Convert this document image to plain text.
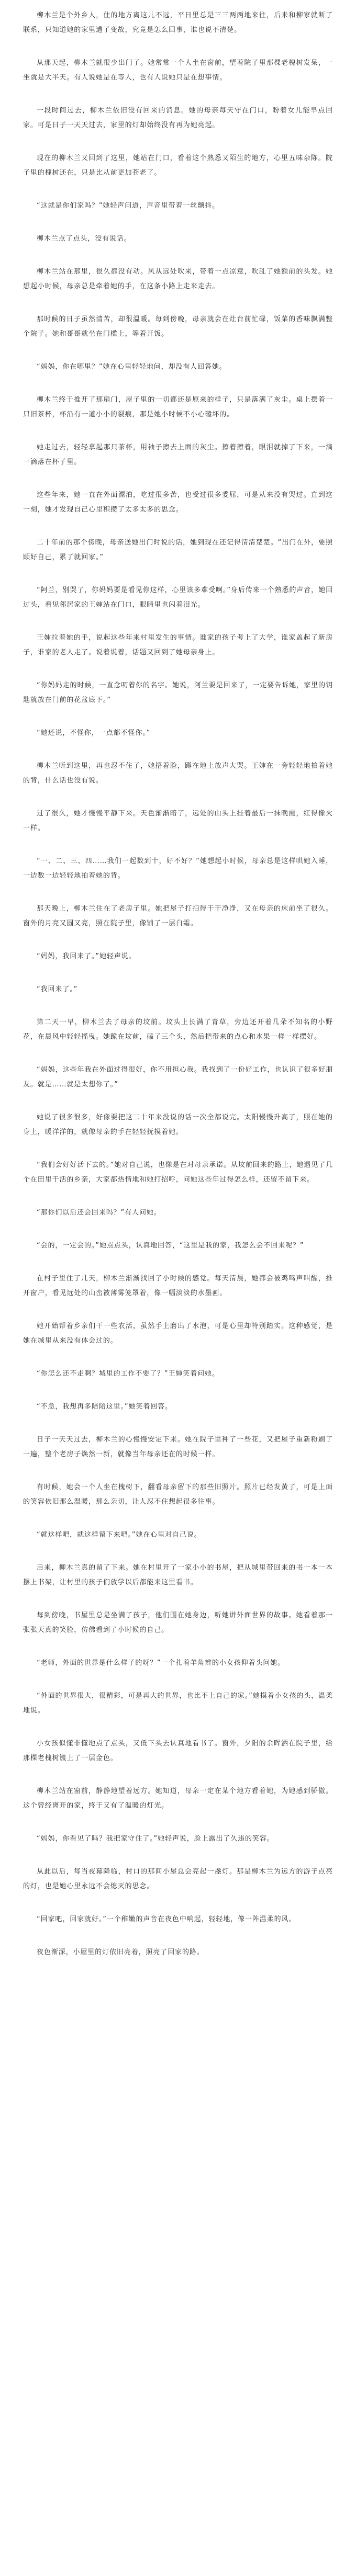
柳木兰是个外乡人，住的地方离这儿不远，平日里总是三三两两地来往，后来和柳家就断了联系，只知道她的家里遭了变故，究竟是怎么回事，谁也说不清楚。

从那天起，柳木兰就很少出门了。她常常一个人坐在窗前，望着院子里那棵老槐树发呆，一坐就是大半天。有人说她是在等人，也有人说她只是在想事情。

一段时间过去，柳木兰依旧没有回来的消息。她的母亲每天守在门口，盼着女儿能早点回家。可是日子一天天过去，家里的灯却始终没有再为她亮起。

现在的柳木兰又回到了这里，她站在门口，看着这个熟悉又陌生的地方，心里五味杂陈。院子里的槐树还在，只是比从前更加苍老了。

“这就是你们家吗？”她轻声问道，声音里带着一丝颤抖。

柳木兰点了点头，没有说话。

柳木兰站在那里，很久都没有动。风从远处吹来，带着一点凉意，吹乱了她额前的头发。她想起小时候，母亲总是牵着她的手，在这条小路上走来走去。

那时候的日子虽然清苦，却很温暖。每到傍晚，母亲就会在灶台前忙碌，饭菜的香味飘满整个院子。她和哥哥就坐在门槛上，等着开饭。

“妈妈，你在哪里？”她在心里轻轻地问，却没有人回答她。

柳木兰终于推开了那扇门，屋子里的一切都还是原来的样子，只是落满了灰尘。桌上摆着一只旧茶杯，杯沿有一道小小的裂痕，那是她小时候不小心磕坏的。

她走过去，轻轻拿起那只茶杯，用袖子擦去上面的灰尘。擦着擦着，眼泪就掉了下来，一滴一滴落在杯子里。

这些年来，她一直在外面漂泊，吃过很多苦，也受过很多委屈，可是从来没有哭过。直到这一刻，她才发现自己心里积攒了太多太多的思念。

二十年前的那个傍晚，母亲送她出门时说的话，她到现在还记得清清楚楚。“出门在外，要照顾好自己，累了就回家。”

“阿兰，别哭了，你妈妈要是看见你这样，心里该多难受啊。”身后传来一个熟悉的声音，她回过头，看见邻居家的王婶站在门口，眼睛里也闪着泪光。

王婶拉着她的手，说起这些年来村里发生的事情。谁家的孩子考上了大学，谁家盖起了新房子，谁家的老人走了。说着说着，话题又回到了她母亲身上。

“你妈妈走的时候，一直念叨着你的名字。她说，阿兰要是回来了，一定要告诉她，家里的钥匙就放在门前的花盆底下。”

“她还说，不怪你，一点都不怪你。”

柳木兰听到这里，再也忍不住了，她捂着脸，蹲在地上放声大哭。王婶在一旁轻轻地拍着她的背，什么话也没有说。

过了很久，她才慢慢平静下来。天色渐渐暗了，远处的山头上挂着最后一抹晚霞，红得像火一样。

“一、二、三、四……我们一起数到十，好不好？”她想起小时候，母亲总是这样哄她入睡，一边数一边轻轻地拍着她的背。

那天晚上，柳木兰住在了老房子里。她把屋子打扫得干干净净，又在母亲的床前坐了很久。窗外的月亮又圆又亮，照在院子里，像铺了一层白霜。

“妈妈，我回来了。”她轻声说。

“我回来了。”

第二天一早，柳木兰去了母亲的坟前。坟头上长满了青草，旁边还开着几朵不知名的小野花，在晨风中轻轻摇曳。她跪在坟前，磕了三个头，然后把带来的点心和水果一样一样摆好。

“妈妈，这些年我在外面过得很好，你不用担心我。我找到了一份好工作，也认识了很多好朋友。就是……就是太想你了。”

她说了很多很多，好像要把这二十年来没说的话一次全都说完。太阳慢慢升高了，照在她的身上，暖洋洋的，就像母亲的手在轻轻抚摸着她。

“我们会好好活下去的。”她对自己说，也像是在对母亲承诺。从坟前回来的路上，她遇见了几个在田里干活的乡亲，大家都热情地和她打招呼，问她这些年过得怎么样，还留不留下来。

“那你们以后还会回来吗？”有人问她。

“会的，一定会的。”她点点头，认真地回答，“这里是我的家，我怎么会不回来呢？”

在村子里住了几天，柳木兰渐渐找回了小时候的感觉。每天清晨，她都会被鸡鸣声叫醒，推开窗户，看见远处的山峦被薄雾笼罩着，像一幅淡淡的水墨画。

她开始帮着乡亲们干一些农活，虽然手上磨出了水泡，可是心里却特别踏实。这种感觉，是她在城里从来没有体会过的。

“你怎么还不走啊？城里的工作不要了？”王婶笑着问她。

“不急，我想再多陪陪这里。”她笑着回答。

日子一天天过去，柳木兰的心慢慢安定下来。她在院子里种了一些花，又把屋子重新粉刷了一遍，整个老房子焕然一新，就像当年母亲还在的时候一样。

有时候，她会一个人坐在槐树下，翻看母亲留下的那些旧照片。照片已经发黄了，可是上面的笑容依旧那么温暖，那么亲切，让人忍不住想起很多往事。

“就这样吧，就这样留下来吧。”她在心里对自己说。

后来，柳木兰真的留了下来。她在村里开了一家小小的书屋，把从城里带回来的书一本一本摆上书架，让村里的孩子们放学以后都能来这里看书。

每到傍晚，书屋里总是坐满了孩子，他们围在她身边，听她讲外面世界的故事。她看着那一张张天真的笑脸，仿佛看到了小时候的自己。

“老师，外面的世界是什么样子的呀？”一个扎着羊角辫的小女孩仰着头问她。

“外面的世界很大，很精彩，可是再大的世界，也比不上自己的家。”她摸着小女孩的头，温柔地说。

小女孩似懂非懂地点了点头，又低下头去认真地看书了。窗外，夕阳的余晖洒在院子里，给那棵老槐树镀上了一层金色。

柳木兰站在窗前，静静地望着远方。她知道，母亲一定在某个地方看着她，为她感到骄傲。这个曾经离开的家，终于又有了温暖的灯光。

“妈妈，你看见了吗？我把家守住了。”她轻声说，脸上露出了久违的笑容。

从此以后，每当夜幕降临，村口的那间小屋总会亮起一盏灯。那是柳木兰为远方的游子点亮的灯，也是她心里永远不会熄灭的思念。

“回家吧，回家就好。”一个稚嫩的声音在夜色中响起，轻轻地，像一阵温柔的风。

夜色渐深，小屋里的灯依旧亮着，照亮了回家的路。
